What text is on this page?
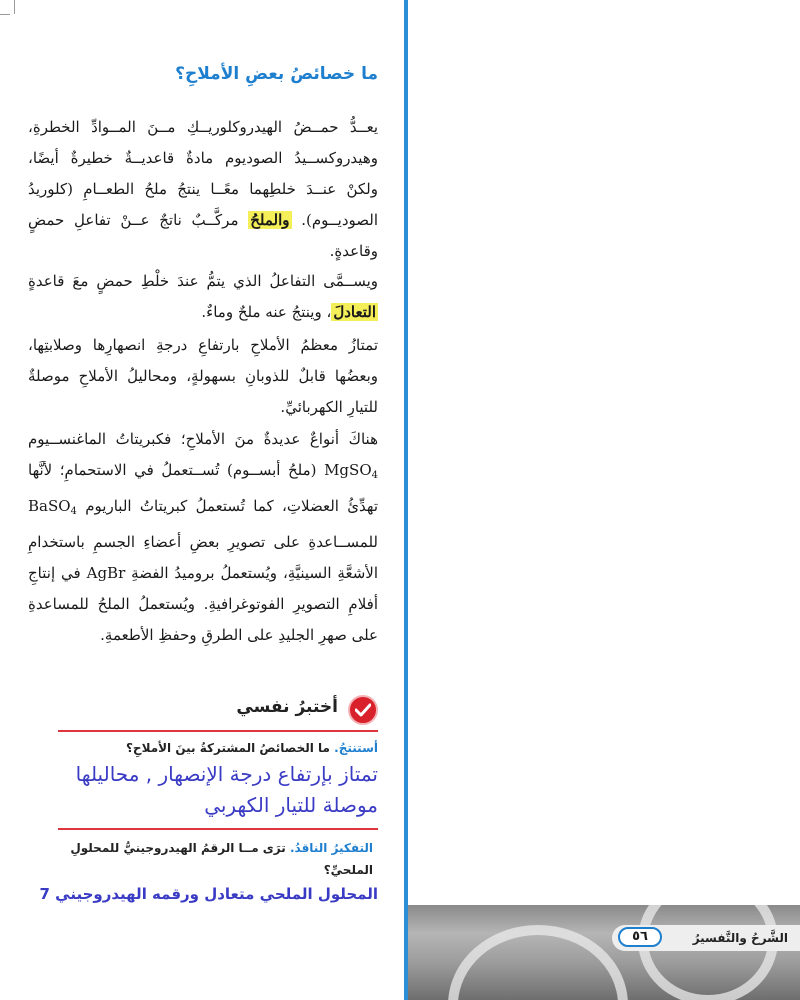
ما خصائصُ بعضِ الأملاحِ؟
يعــدُّ حمــضُ الهيدروكلوريــكِ مــنَ المــوادِّ الخطرةِ، وهيدروكســيدُ الصوديوم مادةٌ قاعديــةٌ خطيرةٌ أيضًا، ولكنْ عنــدَ خلطِهما معًــا ينتجُ ملحُ الطعــامِ (كلوريدُ الصوديــوم). والملحُ مركَّــبٌ ناتجٌ عــنْ تفاعلِ حمضٍ وقاعدةٍ.
ويســمَّى التفاعلُ الذي يتمُّ عندَ خلْطِ حمضٍ معَ قاعدةٍ التعادلَ، وينتجُ عنه ملحٌ وماءٌ.
تمتازُ معظمُ الأملاحِ بارتفاعِ درجةِ انصهارِها وصلابتِها، وبعضُها قابلٌ للذوبانِ بسهولةٍ، ومحاليلُ الأملاحِ موصلةٌ للتيارِ الكهربائيِّ.
هناكَ أنواعٌ عديدةٌ منَ الأملاحِ؛ فكبريتاتُ الماغنســيوم MgSO$_4$ (ملحُ أبســوم) تُســتعملُ في الاستحمامِ؛ لأنَّها تهدِّئُ العضلاتِ، كما تُستعملُ كبريتاتُ الباريوم BaSO$_4$ للمســاعدةِ على تصويرِ بعضِ أعضاءِ الجسمِ باستخدامِ الأشعَّةِ السينيَّةِ، ويُستعملُ بروميدُ الفضةِ AgBr في إنتاجِ أفلامِ التصويرِ الفوتوغرافيةِ. ويُستعملُ الملحُ للمساعدةِ على صهرِ الجليدِ على الطرقِ وحفظِ الأطعمةِ.
أختبرُ نفسي
أستنتجُ. ما الخصائصُ المشتركةُ بينَ الأملاحِ؟
تمتاز بإرتفاع درجة الإنصهار , محاليلها
موصلة للتيار الكهربي
التفكيرُ الناقدُ. ترَى مــا الرقمُ الهيدروجينيُّ للمحلولِ الملحيِّ؟
المحلول الملحي متعادل ورقمه الهيدروجيني 7
الشَّرحُ والتَّفسيرُ
٥٦
